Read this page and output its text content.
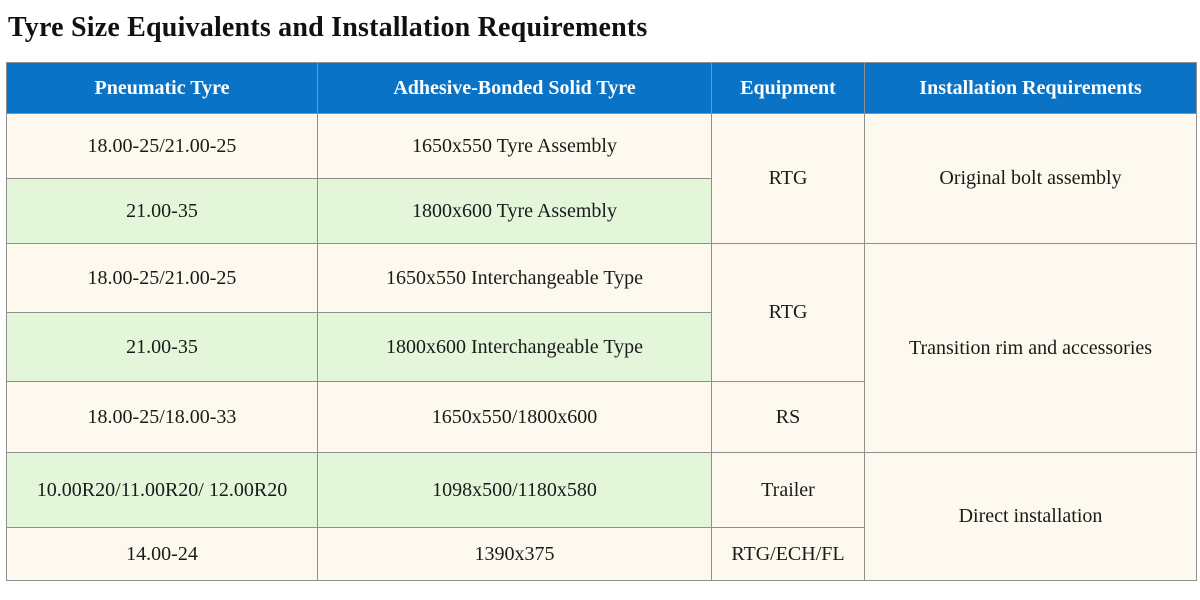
Tyre Size Equivalents and Installation Requirements
Pneumatic Tyre	Adhesive-Bonded Solid Tyre	Equipment	Installation Requirements
18.00-25/21.00-25	1650x550 Tyre Assembly	RTG	Original bolt assembly
21.00-35	1800x600 Tyre Assembly		
18.00-25/21.00-25	1650x550 Interchangeable Type	RTG	Transition rim and accessories
21.00-35	1800x600 Interchangeable Type		
18.00-25/18.00-33	1650x550/1800x600	RS	
10.00R20/11.00R20/ 12.00R20	1098x500/1180x580	Trailer	Direct installation
14.00-24	1390x375	RTG/ECH/FL	
